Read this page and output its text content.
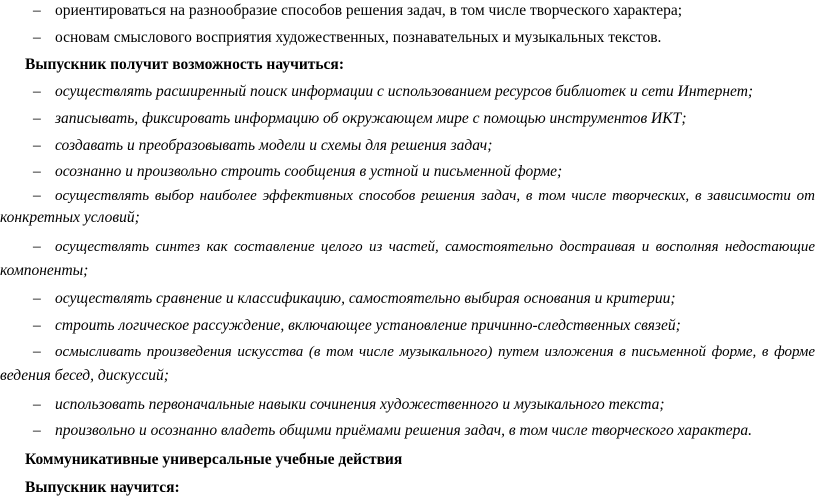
– ориентироваться на разнообразие способов решения задач, в том числе творческого характера;
– основам смыслового восприятия художественных, познавательных и музыкальных текстов.
Выпускник получит возможность научиться:
– осуществлять расширенный поиск информации с использованием ресурсов библиотек и сети Интернет;
– записывать, фиксировать информацию об окружающем мире с помощью инструментов ИКТ;
– создавать и преобразовывать модели и схемы для решения задач;
– осознанно и произвольно строить сообщения в устной и письменной форме;
– осуществлять выбор наиболее эффективных способов решения задач, в том числе творческих, в зависимости от
конкретных условий;
– осуществлять синтез как составление целого из частей, самостоятельно достраивая и восполняя недостающие
компоненты;
– осуществлять сравнение и классификацию, самостоятельно выбирая основания и критерии;
– строить логическое рассуждение, включающее установление причинно-следственных связей;
– осмысливать произведения искусства (в том числе музыкального) путем изложения в письменной форме, в форме
ведения бесед, дискуссий;
– использовать первоначальные навыки сочинения художественного и музыкального текста;
– произвольно и осознанно владеть общими приёмами решения задач, в том числе творческого характера.
Коммуникативные универсальные учебные действия
Выпускник научится:
